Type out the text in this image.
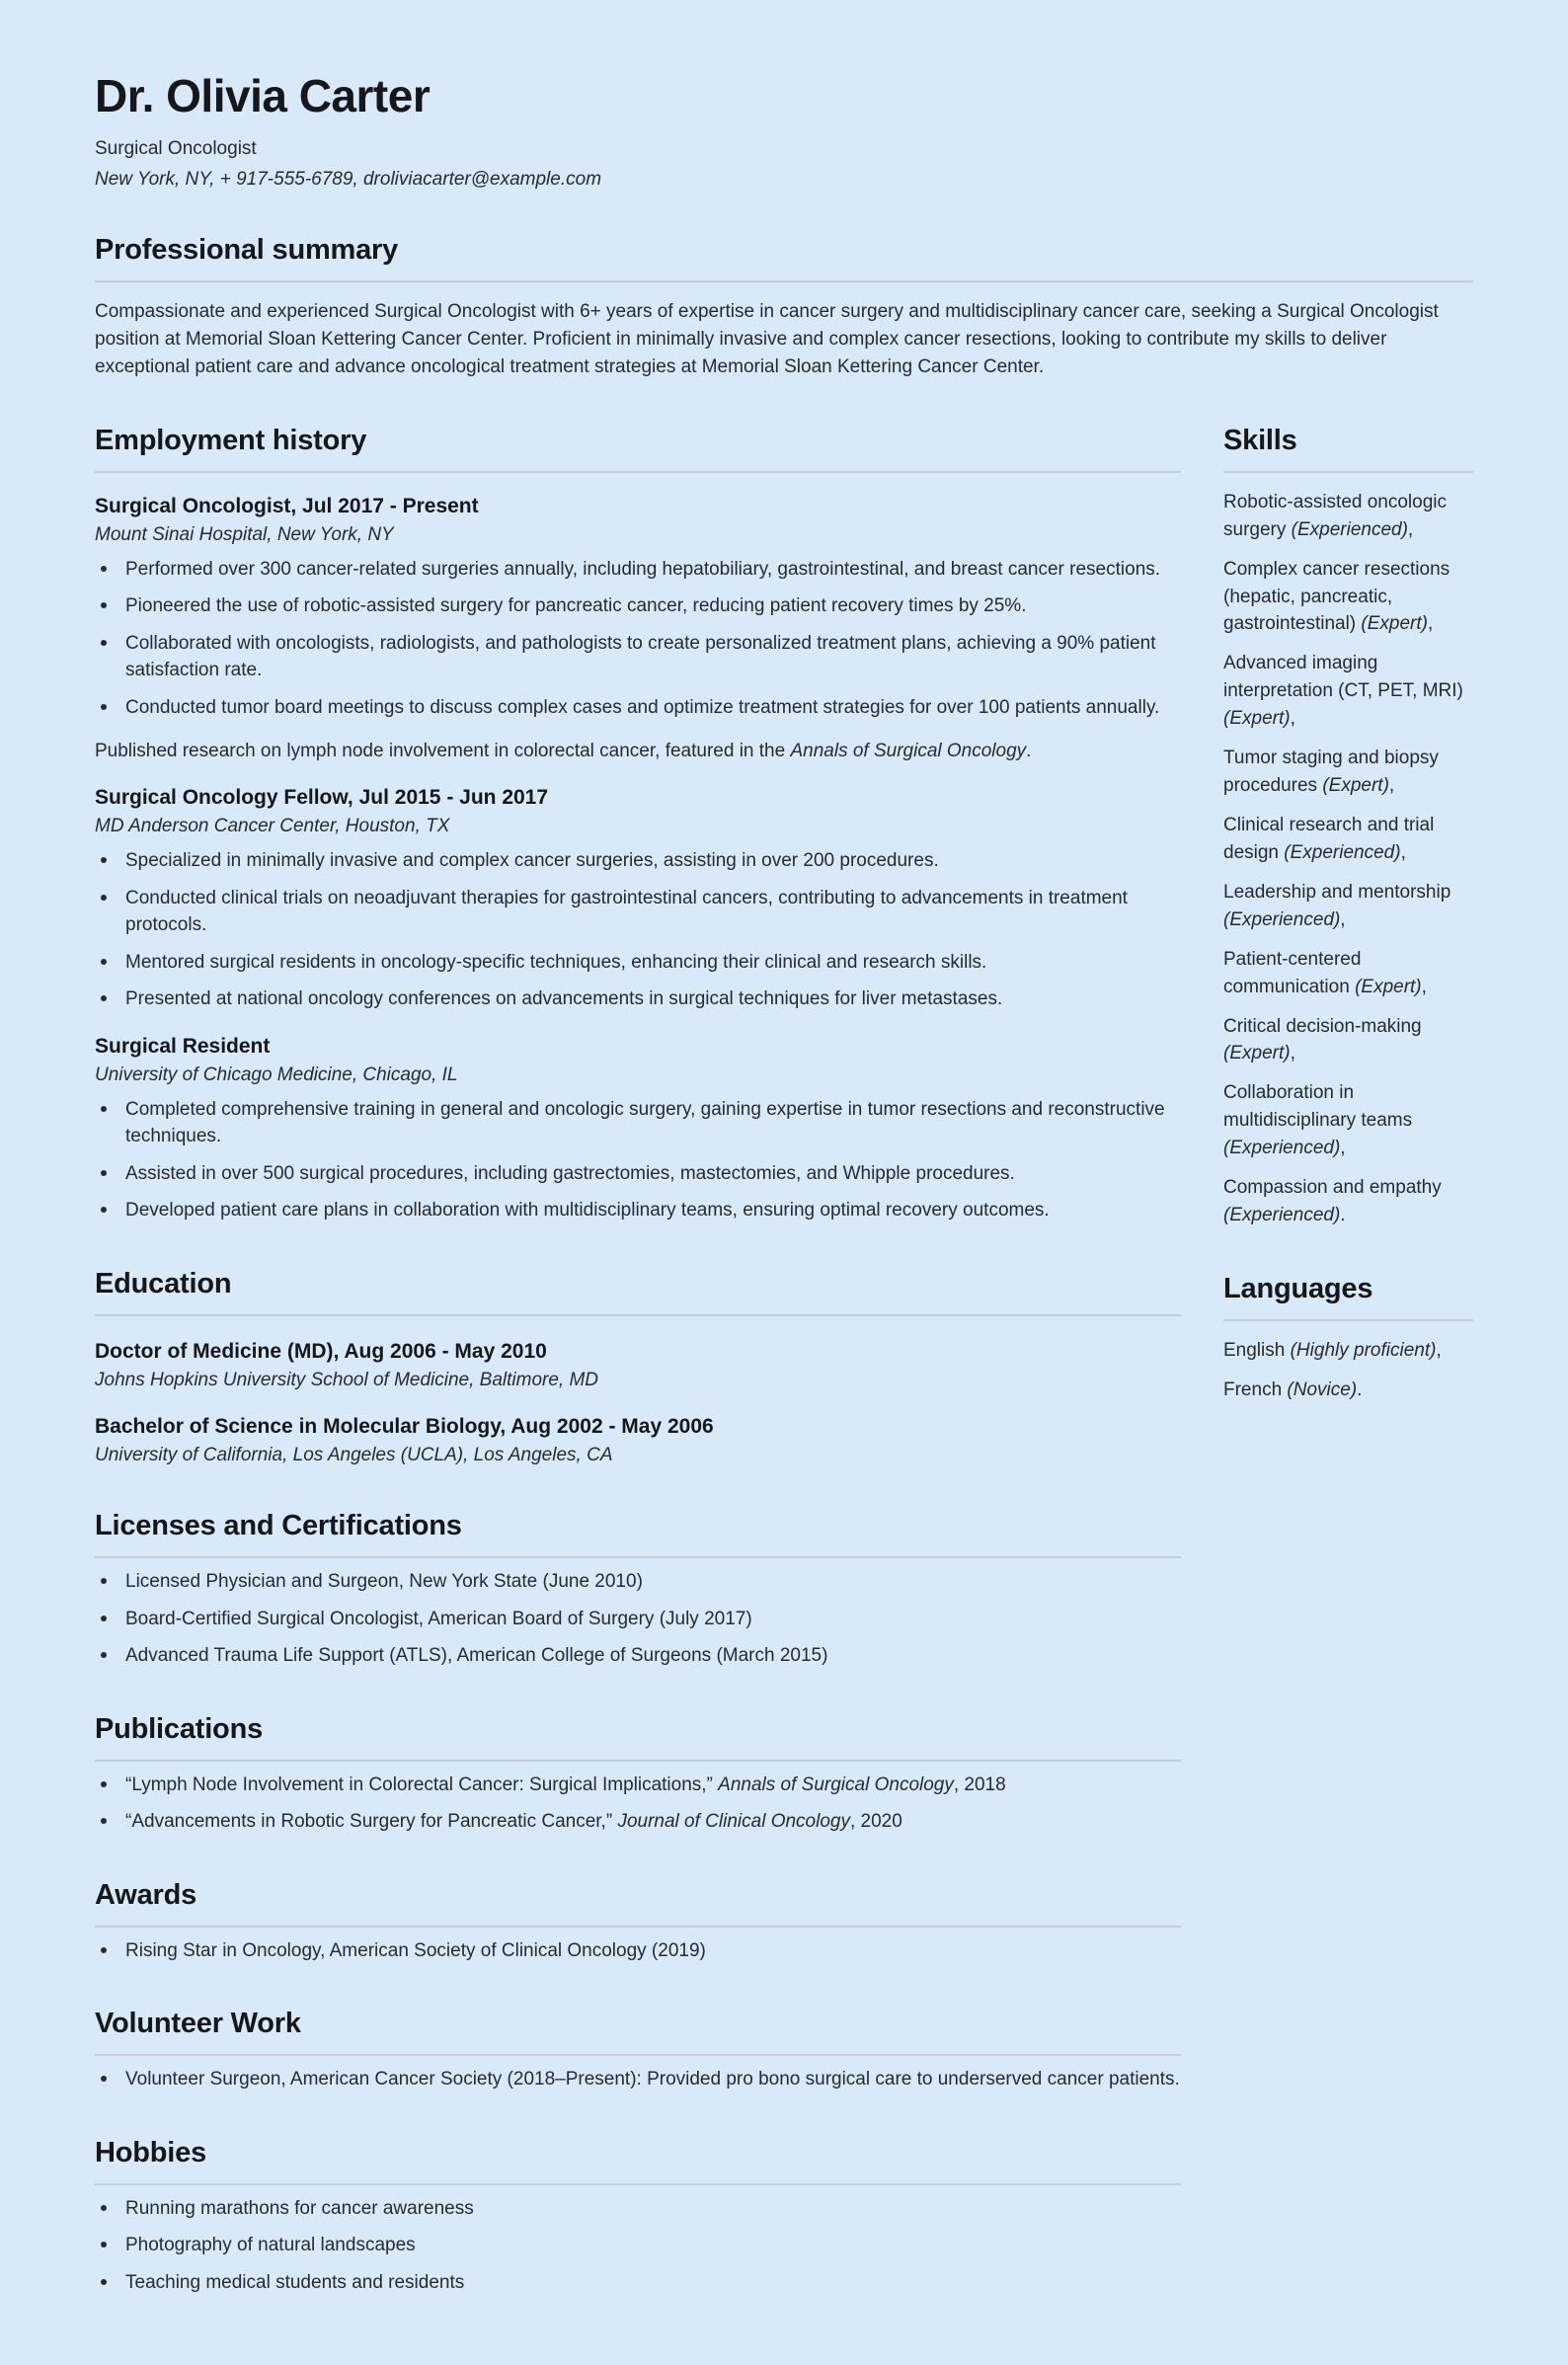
Dr. Olivia Carter

Surgical Oncologist

New York, NY, + 917-555-6789, droliviacarter@example.com

Professional summary

Compassionate and experienced Surgical Oncologist with 6+ years of expertise in cancer surgery and multidisciplinary cancer care, seeking a Surgical Oncologist position at Memorial Sloan Kettering Cancer Center. Proficient in minimally invasive and complex cancer resections, looking to contribute my skills to deliver exceptional patient care and advance oncological treatment strategies at Memorial Sloan Kettering Cancer Center.

Employment history
Surgical Oncologist, Jul 2017 - Present

Mount Sinai Hospital, New York, NY

Performed over 300 cancer-related surgeries annually, including hepatobiliary, gastrointestinal, and breast cancer resections.
Pioneered the use of robotic-assisted surgery for pancreatic cancer, reducing patient recovery times by 25%.
Collaborated with oncologists, radiologists, and pathologists to create personalized treatment plans, achieving a 90% patient satisfaction rate.
Conducted tumor board meetings to discuss complex cases and optimize treatment strategies for over 100 patients annually.

Published research on lymph node involvement in colorectal cancer, featured in the Annals of Surgical Oncology.

Surgical Oncology Fellow, Jul 2015 - Jun 2017

MD Anderson Cancer Center, Houston, TX

Specialized in minimally invasive and complex cancer surgeries, assisting in over 200 procedures.
Conducted clinical trials on neoadjuvant therapies for gastrointestinal cancers, contributing to advancements in treatment protocols.
Mentored surgical residents in oncology-specific techniques, enhancing their clinical and research skills.
Presented at national oncology conferences on advancements in surgical techniques for liver metastases.
Surgical Resident

University of Chicago Medicine, Chicago, IL

Completed comprehensive training in general and oncologic surgery, gaining expertise in tumor resections and reconstructive techniques.
Assisted in over 500 surgical procedures, including gastrectomies, mastectomies, and Whipple procedures.
Developed patient care plans in collaboration with multidisciplinary teams, ensuring optimal recovery outcomes.
Education
Doctor of Medicine (MD), Aug 2006 - May 2010

Johns Hopkins University School of Medicine, Baltimore, MD

Bachelor of Science in Molecular Biology, Aug 2002 - May 2006

University of California, Los Angeles (UCLA), Los Angeles, CA

Licenses and Certifications
Licensed Physician and Surgeon, New York State (June 2010)
Board-Certified Surgical Oncologist, American Board of Surgery (July 2017)
Advanced Trauma Life Support (ATLS), American College of Surgeons (March 2015)
Publications
“Lymph Node Involvement in Colorectal Cancer: Surgical Implications,” Annals of Surgical Oncology, 2018
“Advancements in Robotic Surgery for Pancreatic Cancer,” Journal of Clinical Oncology, 2020
Awards
Rising Star in Oncology, American Society of Clinical Oncology (2019)
Volunteer Work
Volunteer Surgeon, American Cancer Society (2018–Present): Provided pro bono surgical care to underserved cancer patients.
Hobbies
Running marathons for cancer awareness
Photography of natural landscapes
Teaching medical students and residents
Skills

Robotic-assisted oncologic surgery (Experienced),

Complex cancer resections (hepatic, pancreatic, gastrointestinal) (Expert),

Advanced imaging interpretation (CT, PET, MRI) (Expert),

Tumor staging and biopsy procedures (Expert),

Clinical research and trial design (Experienced),

Leadership and mentorship (Experienced),

Patient-centered communication (Expert),

Critical decision-making (Expert),

Collaboration in multidisciplinary teams (Experienced),

Compassion and empathy (Experienced).

Languages

English (Highly proficient),

French (Novice).
